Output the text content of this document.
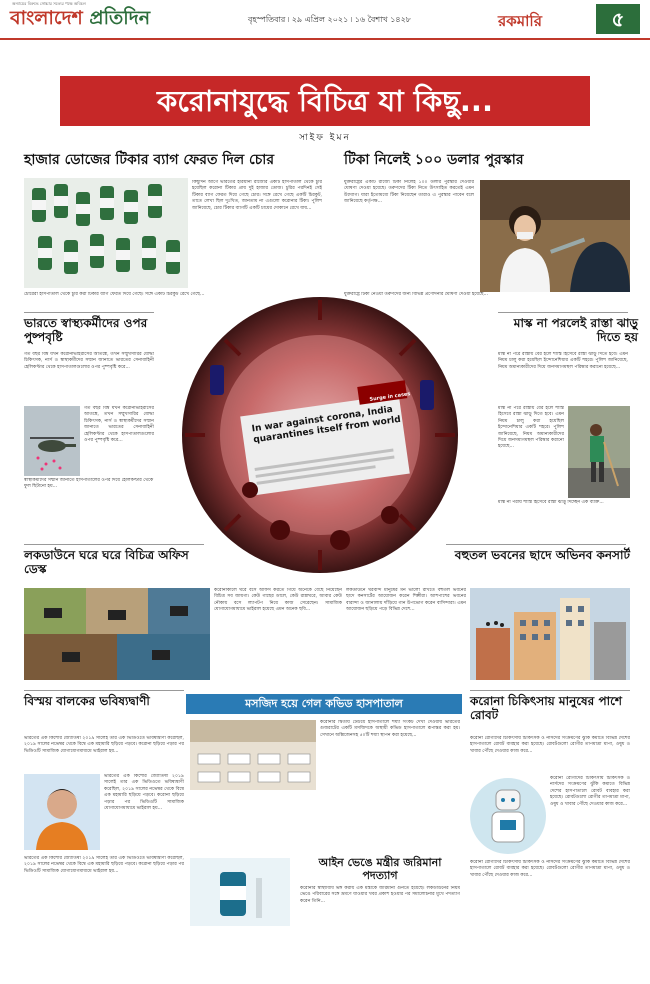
অন্যায়ের বিরুদ্ধে সোচ্চার সত্যের পক্ষে অবিচল
বাংলাদেশ প্রতিদিন	বৃহস্পতিবার ৷ ২৯ এপ্রিল ২০২১ ৷ ১৬ বৈশাখ ১৪২৮	রকমারি	৫
করোনাযুদ্ধে বিচিত্র যা কিছু...
সাইফ ইমন
হাজার ডোজের টিকার ব্যাগ ফেরত দিল চোর
কিছুদিন আগে ভারতের হরিয়ানা রাজ্যের একটি হাসপাতাল থেকে চুরি হয়েছিল করোনা টিকার প্রায় দুই হাজার ডোজ। চুরির পরদিনই সেই টিকার ব্যাগ ফেরত দিয়ে গেছে চোর। সঙ্গে রেখে গেছে একটি চিরকুট, তাতে লেখা ছিল দুঃখিত, জানতাম না এগুলো করোনার টিকা। পুলিশ জানিয়েছে, চোর টিকার ব্যাগটি একটি চায়ের দোকানে রেখে যায়...
চোরেরা হাসপাতাল থেকে চুরি করা টিকার ব্যাগ ফেরত দিয়ে গেছে। সঙ্গে একটি চিরকুট রেখে গেছে...
টিকা নিলেই ১০০ ডলার পুরস্কার
যুক্তরাষ্ট্রের একটি রাজ্যে টিকা নিলেই ১০০ ডলার পুরস্কার দেওয়ার ঘোষণা দেওয়া হয়েছে। তরুণদের টিকা নিতে উৎসাহিত করতেই এমন উদ্যোগ। যারা ইতোমধ্যে টিকা নিয়েছেন তারাও এ পুরস্কার পাবেন বলে জানিয়েছে কর্তৃপক্ষ...
যুক্তরাষ্ট্রে টিকা নেওয়া তরুণদের জন্য বিভিন্ন প্রণোদনার ঘোষণা দেওয়া হয়েছে...
In war against corona, India quarantines itself from world
Surge in cases
ভারতে স্বাস্থ্যকর্মীদের ওপর পুষ্পবৃষ্টি
গত বছর বিশ্ব যখন করোনাভাইরাসের আতঙ্কে, তখন সম্মুখসারির যোদ্ধা চিকিৎসক, নার্স ও স্বাস্থ্যকর্মীদের সম্মান জানাতে ভারতের সেনাবাহিনী হেলিকপ্টার থেকে হাসপাতালগুলোর ওপর পুষ্পবৃষ্টি করে...
গত বছর বিশ্ব যখন করোনাভাইরাসের আতঙ্কে, তখন সম্মুখসারির যোদ্ধা চিকিৎসক, নার্স ও স্বাস্থ্যকর্মীদের সম্মান জানাতে ভারতের সেনাবাহিনী হেলিকপ্টার থেকে হাসপাতালগুলোর ওপর পুষ্পবৃষ্টি করে...
স্বাস্থ্যকর্মীদের সম্মান জানাতে হাসপাতালের ওপর দিয়ে হেলিকপ্টার থেকে ফুল ছিটানো হয়...
মাস্ক না পরলেই রাস্তা ঝাড়ু দিতে হয়
মাস্ক না পরে রাস্তায় বের হলে শাস্তি হিসেবে রাস্তা ঝাড়ু দিতে হবে। এমন নিয়ম চালু করা হয়েছিল ইন্দোনেশিয়ার একটি শহরে। পুলিশ জানিয়েছে, নিয়ম অমান্যকারীদের দিয়ে জনসমাগমস্থল পরিষ্কার করানো হয়েছে...
মাস্ক না পরে রাস্তায় বের হলে শাস্তি হিসেবে রাস্তা ঝাড়ু দিতে হবে। এমন নিয়ম চালু করা হয়েছিল ইন্দোনেশিয়ার একটি শহরে। পুলিশ জানিয়েছে, নিয়ম অমান্যকারীদের দিয়ে জনসমাগমস্থল পরিষ্কার করানো হয়েছে...
মাস্ক না পরায় শাস্তি হিসেবে রাস্তা ঝাড়ু দিচ্ছেন এক ব্যক্তি...
লকডাউনে ঘরে ঘরে বিচিত্র অফিস ডেস্ক
করোনাকালে ঘরে বসে অফিস করতে গিয়ে অনেকে বেছে নিয়েছেন বিচিত্র সব জায়গা। কেউ গাছের ডালে, কেউ রান্নাঘরে, আবার কেউ নৌকায় বসে ল্যাপটপ নিয়ে কাজ সেরেছেন। সামাজিক যোগাযোগমাধ্যমে ভাইরাল হয়েছে এমন অনেক ছবি...
বহুতল ভবনের ছাদে অভিনব কনসার্ট
লকডাউনে ঘরবন্দি মানুষের মন ভালো রাখতে বহুতল ভবনের ছাদে কনসার্টের আয়োজন করেন শিল্পীরা। আশপাশের ভবনের বারান্দা ও জানালায় দাঁড়িয়ে গান উপভোগ করেন বাসিন্দারা। এমন আয়োজন ছড়িয়ে পড়ে বিভিন্ন দেশে...
বিস্ময় বালকের ভবিষ্যদ্বাণী
ভারতের এক কিশোর জ্যোতিষী ২০১৯ সালেই তার এক ভিডিওতে ভবিষ্যদ্বাণী করেছিল, ২০১৯ সালের নভেম্বর থেকে বিশ্বে এক মহামারি ছড়িয়ে পড়বে। করোনা ছড়িয়ে পড়ার পর ভিডিওটি সামাজিক যোগাযোগমাধ্যমে ভাইরাল হয়...
ভারতের এক কিশোর জ্যোতিষী ২০১৯ সালেই তার এক ভিডিওতে ভবিষ্যদ্বাণী করেছিল, ২০১৯ সালের নভেম্বর থেকে বিশ্বে এক মহামারি ছড়িয়ে পড়বে। করোনা ছড়িয়ে পড়ার পর ভিডিওটি সামাজিক যোগাযোগমাধ্যমে ভাইরাল হয়...
ভারতের এক কিশোর জ্যোতিষী ২০১৯ সালেই তার এক ভিডিওতে ভবিষ্যদ্বাণী করেছিল, ২০১৯ সালের নভেম্বর থেকে বিশ্বে এক মহামারি ছড়িয়ে পড়বে। করোনা ছড়িয়ে পড়ার পর ভিডিওটি সামাজিক যোগাযোগমাধ্যমে ভাইরাল হয়...
মসজিদ হয়ে গেল কভিড হাসপাতাল
করোনার দ্বিতীয় ঢেউয়ে হাসপাতালে শয্যা সংকট দেখা দেওয়ায় ভারতের গুজরাটের একটি মসজিদকে অস্থায়ী কভিড হাসপাতালে রূপান্তর করা হয়। সেখানে অক্সিজেনসহ ৫০টি শয্যা স্থাপন করা হয়েছে...
আইন ভেঙে মন্ত্রীর জরিমানা পদত্যাগ
করোনার স্বাস্থ্যবিধি ভঙ্গ করায় এক মন্ত্রীকে জরিমানা গুনতে হয়েছে। লকডাউনের নিয়ম ভেঙে পরিবারের সঙ্গে ভ্রমণে যাওয়ার খবর প্রকাশ হওয়ার পর সমালোচনার মুখে পদত্যাগ করেন তিনি...
করোনা চিকিৎসায় মানুষের পাশে রোবট
করোনা রোগীদের চিকিৎসায় চিকিৎসক ও নার্সদের সংক্রমণের ঝুঁকি কমাতে বিভিন্ন দেশের হাসপাতালে রোবট ব্যবহার করা হয়েছে। রোবটগুলো রোগীর তাপমাত্রা মাপা, ওষুধ ও খাবার পৌঁছে দেওয়ার কাজ করে...
করোনা রোগীদের চিকিৎসায় চিকিৎসক ও নার্সদের সংক্রমণের ঝুঁকি কমাতে বিভিন্ন দেশের হাসপাতালে রোবট ব্যবহার করা হয়েছে। রোবটগুলো রোগীর তাপমাত্রা মাপা, ওষুধ ও খাবার পৌঁছে দেওয়ার কাজ করে...
করোনা রোগীদের চিকিৎসায় চিকিৎসক ও নার্সদের সংক্রমণের ঝুঁকি কমাতে বিভিন্ন দেশের হাসপাতালে রোবট ব্যবহার করা হয়েছে। রোবটগুলো রোগীর তাপমাত্রা মাপা, ওষুধ ও খাবার পৌঁছে দেওয়ার কাজ করে...
